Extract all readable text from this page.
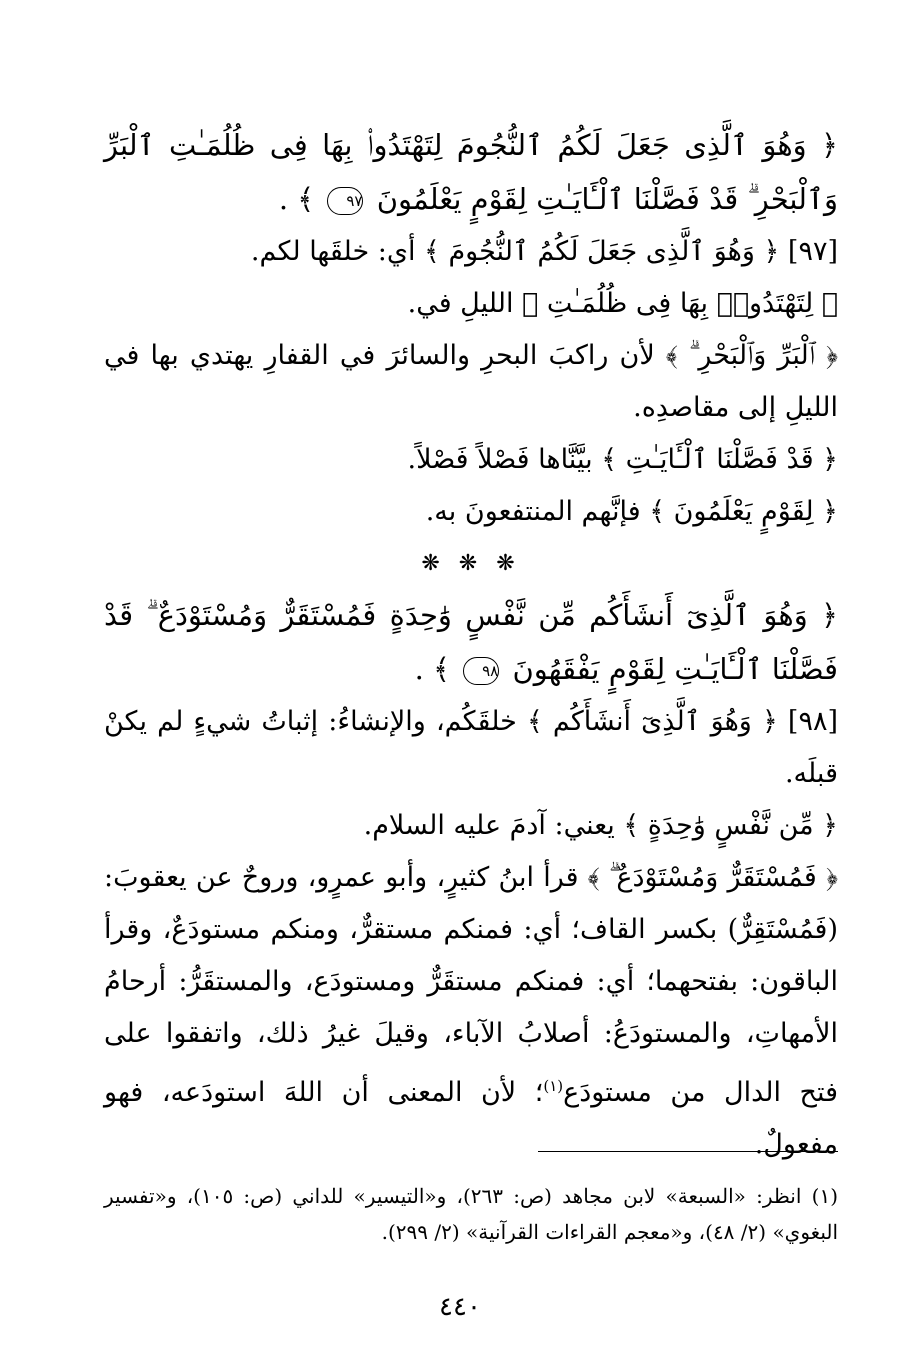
﴿ وَهُوَ ٱلَّذِى جَعَلَ لَكُمُ ٱلنُّجُومَ لِتَهْتَدُوا۟ بِهَا فِى ظُلُمَـٰتِ ٱلْبَرِّ وَٱلْبَحْرِ ۗ قَدْ فَصَّلْنَا ٱلْـَٔايَـٰتِ لِقَوْمٍ يَعْلَمُونَ ٩٧ ﴾ .

[٩٧] ﴿ وَهُوَ ٱلَّذِى جَعَلَ لَكُمُ ٱلنُّجُومَ ﴾ أي: خلقَها لكم.

﴿ لِتَهْتَدُوا۟ بِهَا فِى ظُلُمَـٰتِ ﴾ الليلِ في.

﴿ ٱلْبَرِّ وَٱلْبَحْرِ ۗ ﴾ لأن راكبَ البحرِ والسائرَ في القفارِ يهتدي بها في الليلِ إلى مقاصدِه.

﴿ قَدْ فَصَّلْنَا ٱلْـَٔايَـٰتِ ﴾ بيَّنَّاها فَصْلاً فَصْلاً.

﴿ لِقَوْمٍ يَعْلَمُونَ ﴾ فإنَّهم المنتفعونَ به.

❋ ❋ ❋

﴿ وَهُوَ ٱلَّذِىٓ أَنشَأَكُم مِّن نَّفْسٍ وَٰحِدَةٍ فَمُسْتَقَرٌّ وَمُسْتَوْدَعٌ ۗ قَدْ فَصَّلْنَا ٱلْـَٔايَـٰتِ لِقَوْمٍ يَفْقَهُونَ ٩٨ ﴾ .

[٩٨] ﴿ وَهُوَ ٱلَّذِىٓ أَنشَأَكُم ﴾ خلقَكُم، والإنشاءُ: إثباتُ شيءٍ لم يكنْ قبلَه.

﴿ مِّن نَّفْسٍ وَٰحِدَةٍ ﴾ يعني: آدمَ عليه السلام.

﴿ فَمُسْتَقَرٌّ وَمُسْتَوْدَعٌ ۗ ﴾ قرأ ابنُ كثيرٍ، وأبو عمرٍو، وروحٌ عن يعقوبَ: (فَمُسْتَقِرٌّ) بكسر القاف؛ أي: فمنكم مستقرٌّ، ومنكم مستودَعٌ، وقرأ الباقون: بفتحهما؛ أي: فمنكم مستقَرٌّ ومستودَع، والمستقَرُّ: أرحامُ الأمهاتِ، والمستودَعُ: أصلابُ الآباء، وقيلَ غيرُ ذلك، واتفقوا على فتح الدال من مستودَع$^{(١)}$؛ لأن المعنى أن اللهَ استودَعه، فهو مفعولٌ.

(١) انظر: «السبعة» لابن مجاهد (ص: ٢٦٣)، و«التيسير» للداني (ص: ١٠٥)، و«تفسير البغوي» (٢/ ٤٨)، و«معجم القراءات القرآنية» (٢/ ٢٩٩).

٤٤٠
